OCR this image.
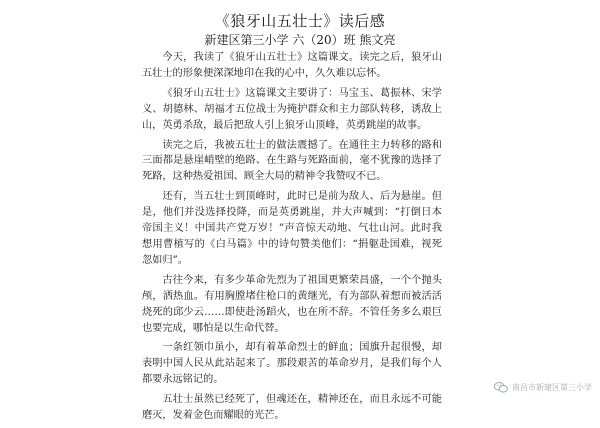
《狼牙山五壮士》读后感
新建区第三小学 六（20）班 熊文亮

今天，我读了《狼牙山五壮士》这篇课文。读完之后，狼牙山五壮士的形象便深深地印在我的心中，久久难以忘怀。

《狼牙山五壮士》这篇课文主要讲了：马宝玉、葛振林、宋学义、胡德林、胡福才五位战士为掩护群众和主力部队转移，诱敌上山，英勇杀敌，最后把敌人引上狼牙山顶峰，英勇跳崖的故事。

读完之后，我被五壮士的做法震撼了。在通往主力转移的路和三面都是悬崖峭壁的绝路、在生路与死路面前，毫不犹豫的选择了死路，这种热爱祖国、顾全大局的精神令我赞叹不已。

还有，当五壮士到顶峰时，此时已是前为敌人、后为悬崖。但是，他们并没选择投降，而是英勇跳崖，并大声喊到：“打倒日本帝国主义！中国共产党万岁！”声音惊天动地、气壮山河。此时我想用曹植写的《白马篇》中的诗句赞美他们：“捐躯赴国难，视死忽如归”。

古往今来，有多少革命先烈为了祖国更繁荣昌盛，一个个抛头颅，洒热血。有用胸膛堵住枪口的黄继光，有为部队着想而被活活烧死的邱少云……即使赴汤蹈火，也在所不辞。不管任务多么艰巨也要完成，哪怕是以生命代替。

一条红领巾虽小，却有着革命烈士的鲜血；国旗升起很慢，却表明中国人民从此站起来了。那段艰苦的革命岁月，是我们每个人都要永远铭记的。

五壮士虽然已经死了，但魂还在，精神还在，而且永远不可能磨灭，发着金色而耀眼的光芒。

南昌市新建区第三小学
